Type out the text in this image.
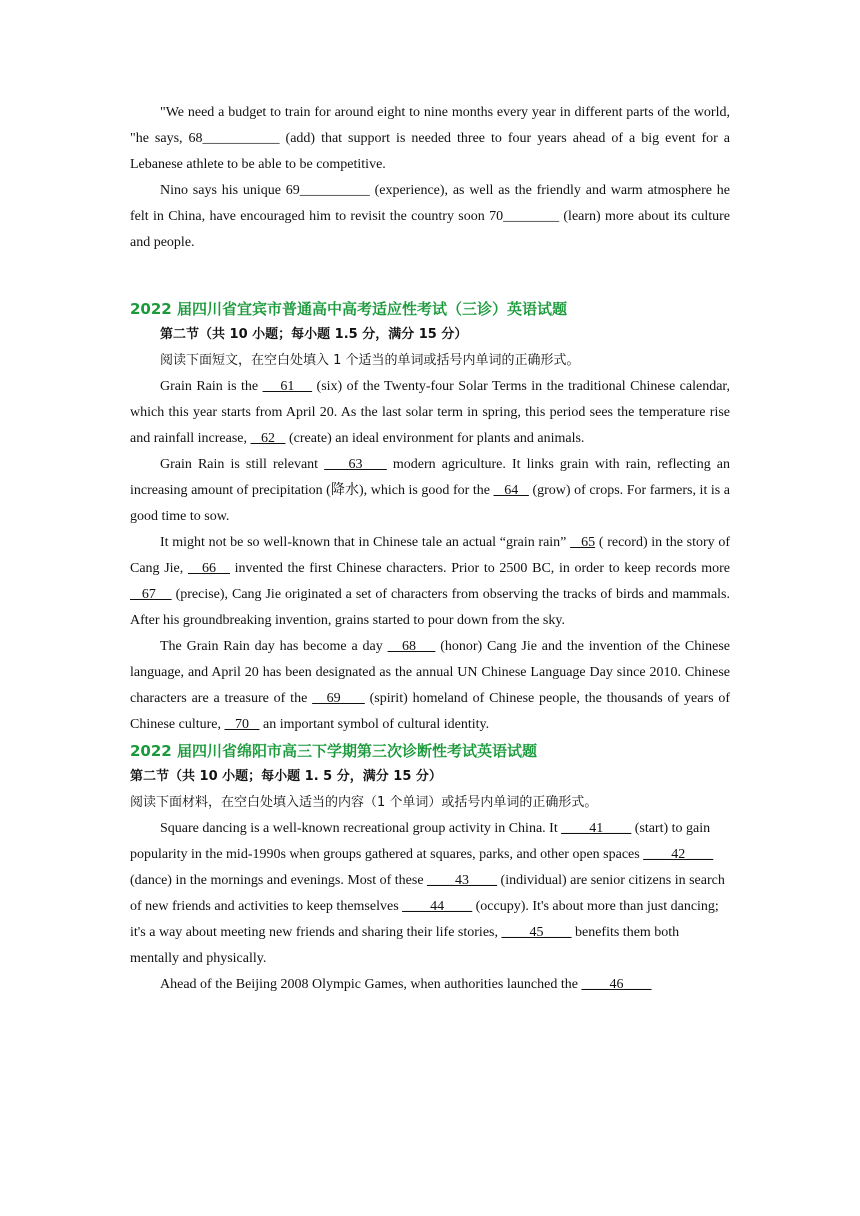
"We need a budget to train for around eight to nine months every year in different parts of the world, "he says, 68___________ (add) that support is needed three to four years ahead of a big event for a Lebanese athlete to be able to be competitive.

Nino says his unique 69__________ (experience), as well as the friendly and warm atmosphere he felt in China, have encouraged him to revisit the country soon 70________ (learn) more about its culture and people.

2022 届四川省宜宾市普通高中高考适应性考试（三诊）英语试题
第二节（共 10 小题；每小题 1.5 分，满分 15 分）
阅读下面短文，在空白处填入 1 个适当的单词或括号内单词的正确形式。

Grain Rain is the     61     (six) of the Twenty-four Solar Terms in the traditional Chinese calendar, which this year starts from April 20. As the last solar term in spring, this period sees the temperature rise and rainfall increase,    62    (create) an ideal environment for plants and animals.

Grain Rain is still relevant     63     modern agriculture. It links grain with rain, reflecting an increasing amount of precipitation (降水), which is good for the    64    (grow) of crops. For farmers, it is a good time to sow.

It might not be so well-known that in Chinese tale an actual “grain rain”    65 ( record) in the story of Cang Jie,    66    invented the first Chinese characters. Prior to 2500 BC, in order to keep records more    67     (precise), Cang Jie originated a set of characters from observing the tracks of birds and mammals. After his groundbreaking invention, grains started to pour down from the sky.

The Grain Rain day has become a day    68     (honor) Cang Jie and the invention of the Chinese language, and April 20 has been designated as the annual UN Chinese Language Day since 2010. Chinese characters are a treasure of the    69      (spirit) homeland of Chinese people, the thousands of years of Chinese culture,    70    an important symbol of cultural identity.

2022 届四川省绵阳市高三下学期第三次诊断性考试英语试题
第二节（共 10 小题；每小题 1. 5 分，满分 15 分）
阅读下面材料，在空白处填入适当的内容（1 个单词）或括号内单词的正确形式。

Square dancing is a well-known recreational group activity in China. It ____41____ (start) to gain popularity in the mid-1990s when groups gathered at squares, parks, and other open spaces ____42____ (dance) in the mornings and evenings. Most of these ____43____ (individual) are senior citizens in search of new friends and activities to keep themselves ____44____ (occupy). It's about more than just dancing; it's a way about meeting new friends and sharing their life stories, ____45____ benefits them both mentally and physically.

Ahead of the Beijing 2008 Olympic Games, when authorities launched the ____46____
